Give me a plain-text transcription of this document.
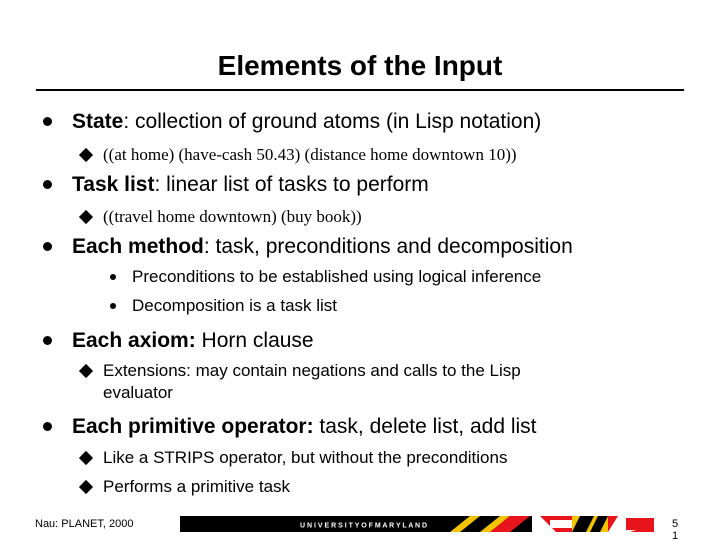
Elements of the Input
State: collection of ground atoms (in Lisp notation)
((at home) (have-cash 50.43) (distance home downtown 10))
Task list: linear list of tasks to perform
((travel home downtown) (buy book))
Each method: task, preconditions and decomposition
Preconditions to be established using logical inference
Decomposition is a task list
Each axiom: Horn clause
Extensions: may contain negations and calls to the Lisp
evaluator
Each primitive operator: task, delete list, add list
Like a STRIPS operator, but without the preconditions
Performs a primitive task
Nau: PLANET, 2000	U N I V E R S I T Y O F M A R Y L A N D	5
1
